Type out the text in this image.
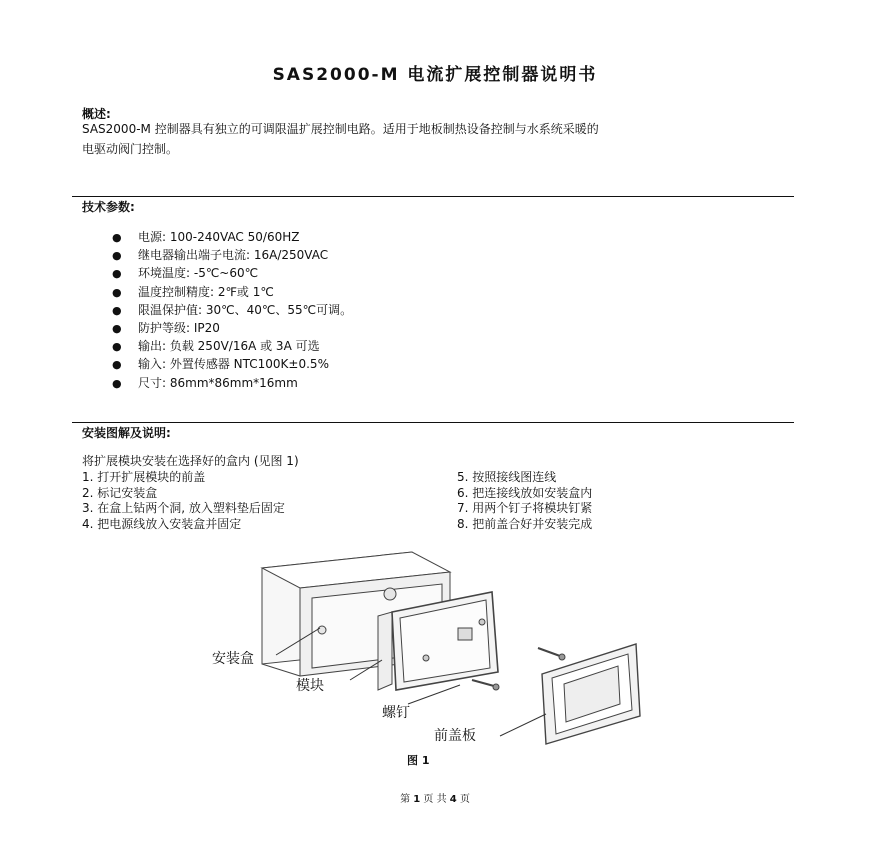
SAS2000-M 电流扩展控制器说明书
概述:
SAS2000-M 控制器具有独立的可调限温扩展控制电路。适用于地板制热设备控制与水系统采暖的
电驱动阀门控制。
技术参数:
● 电源: 100-240VAC 50/60HZ
● 继电器输出端子电流: 16A/250VAC
● 环境温度: -5℃~60℃
● 温度控制精度: 2℉或 1℃
● 限温保护值: 30℃、40℃、55℃可调。
● 防护等级: IP20
● 输出: 负载 250V/16A 或 3A 可选
● 输入: 外置传感器 NTC100K±0.5%
● 尺寸: 86mm*86mm*16mm
安装图解及说明:
将扩展模块安装在选择好的盒内 (见图 1)
1. 打开扩展模块的前盖
2. 标记安装盒
3. 在盒上钻两个洞, 放入塑料垫后固定
4. 把电源线放入安装盒并固定
5. 按照接线图连线
6. 把连接线放如安装盒内
7. 用两个钉子将模块钉紧
8. 把前盖合好并安装完成
安装盒
模块
螺钉
前盖板
图 1
第 1 页 共 4 页
